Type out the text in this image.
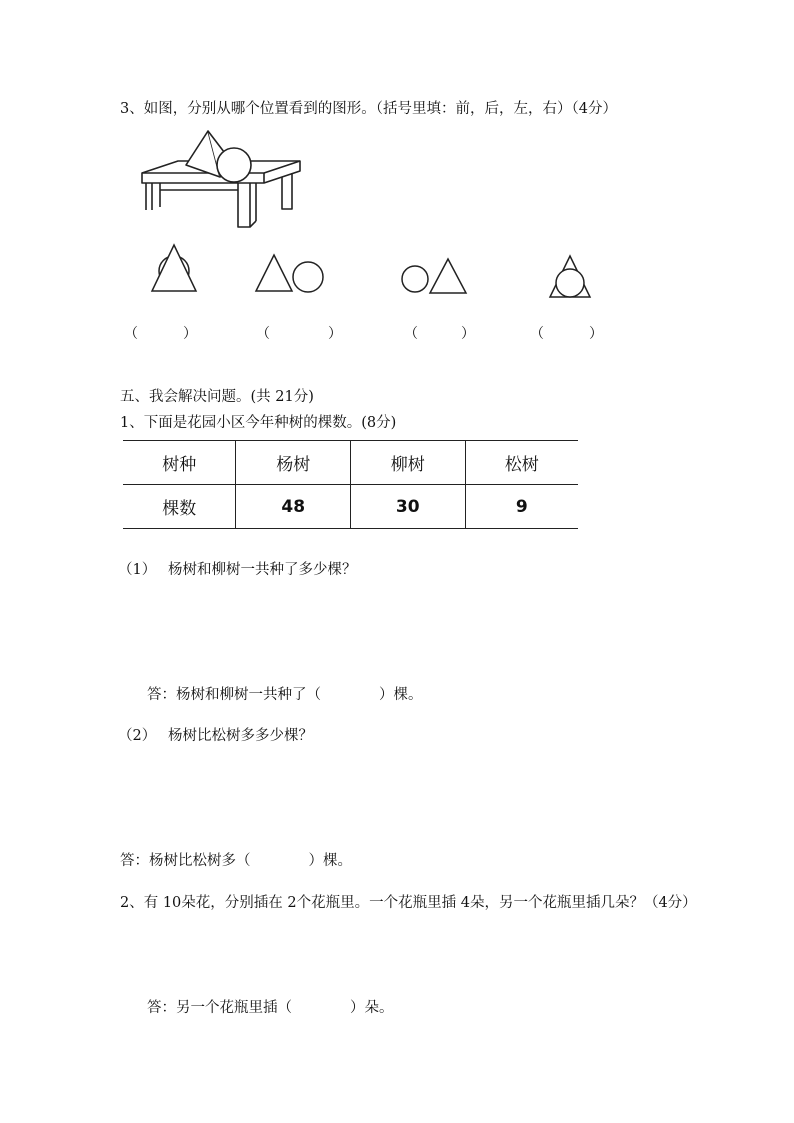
3、如图，分别从哪个位置看到的图形。（括号里填：前，后，左，右）（4分）
（	）	（	）	（	）	（	）
五、我会解决问题。(共 21分)
1、下面是花园小区今年种树的棵数。(8分)
树种	杨树	柳树	松树
棵数	48	30	9
（1） 杨树和柳树一共种了多少棵？
答：杨树和柳树一共种了（　　　　）棵。
（2） 杨树比松树多多少棵？
答：杨树比松树多（　　　　）棵。
2、有 10朵花，分别插在 2个花瓶里。一个花瓶里插 4朵，另一个花瓶里插几朵？（4分）
答：另一个花瓶里插（　　　　）朵。
